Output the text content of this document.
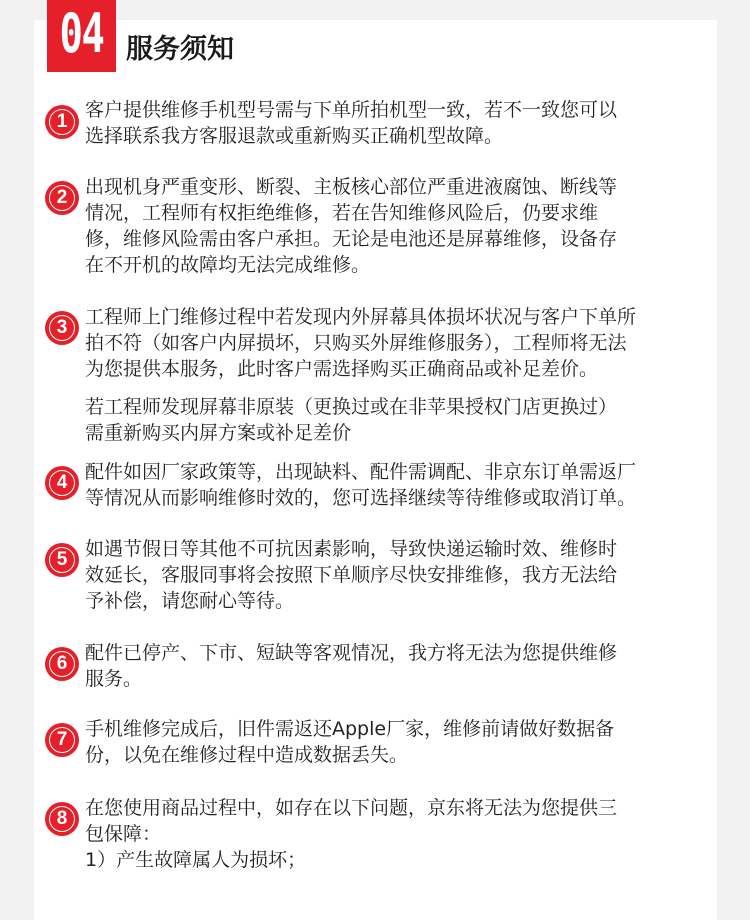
04 服务须知
1
客户提供维修手机型号需与下单所拍机型一致，若不一致您可以
选择联系我方客服退款或重新购买正确机型故障。
2 出现机身严重变形、断裂、主板核心部位严重进液腐蚀、断线等
情况，工程师有权拒绝维修，若在告知维修风险后，仍要求维
修，维修风险需由客户承担。无论是电池还是屏幕维修，设备存
在不开机的故障均无法完成维修。
3 工程师上门维修过程中若发现内外屏幕具体损坏状况与客户下单所
拍不符（如客户内屏损坏，只购买外屏维修服务），工程师将无法
为您提供本服务，此时客户需选择购买正确商品或补足差价。
若工程师发现屏幕非原装（更换过或在非苹果授权门店更换过）
需重新购买内屏方案或补足差价
4 配件如因厂家政策等，出现缺料、配件需调配、非京东订单需返厂
等情况从而影响维修时效的，您可选择继续等待维修或取消订单。
5 如遇节假日等其他不可抗因素影响，导致快递运输时效、维修时
效延长，客服同事将会按照下单顺序尽快安排维修，我方无法给
予补偿，请您耐心等待。
6 配件已停产、下市、短缺等客观情况，我方将无法为您提供维修
服务。
7 手机维修完成后，旧件需返还Apple厂家，维修前请做好数据备
份，以免在维修过程中造成数据丢失。
8 在您使用商品过程中，如存在以下问题，京东将无法为您提供三
包保障：
1）产生故障属人为损坏；
